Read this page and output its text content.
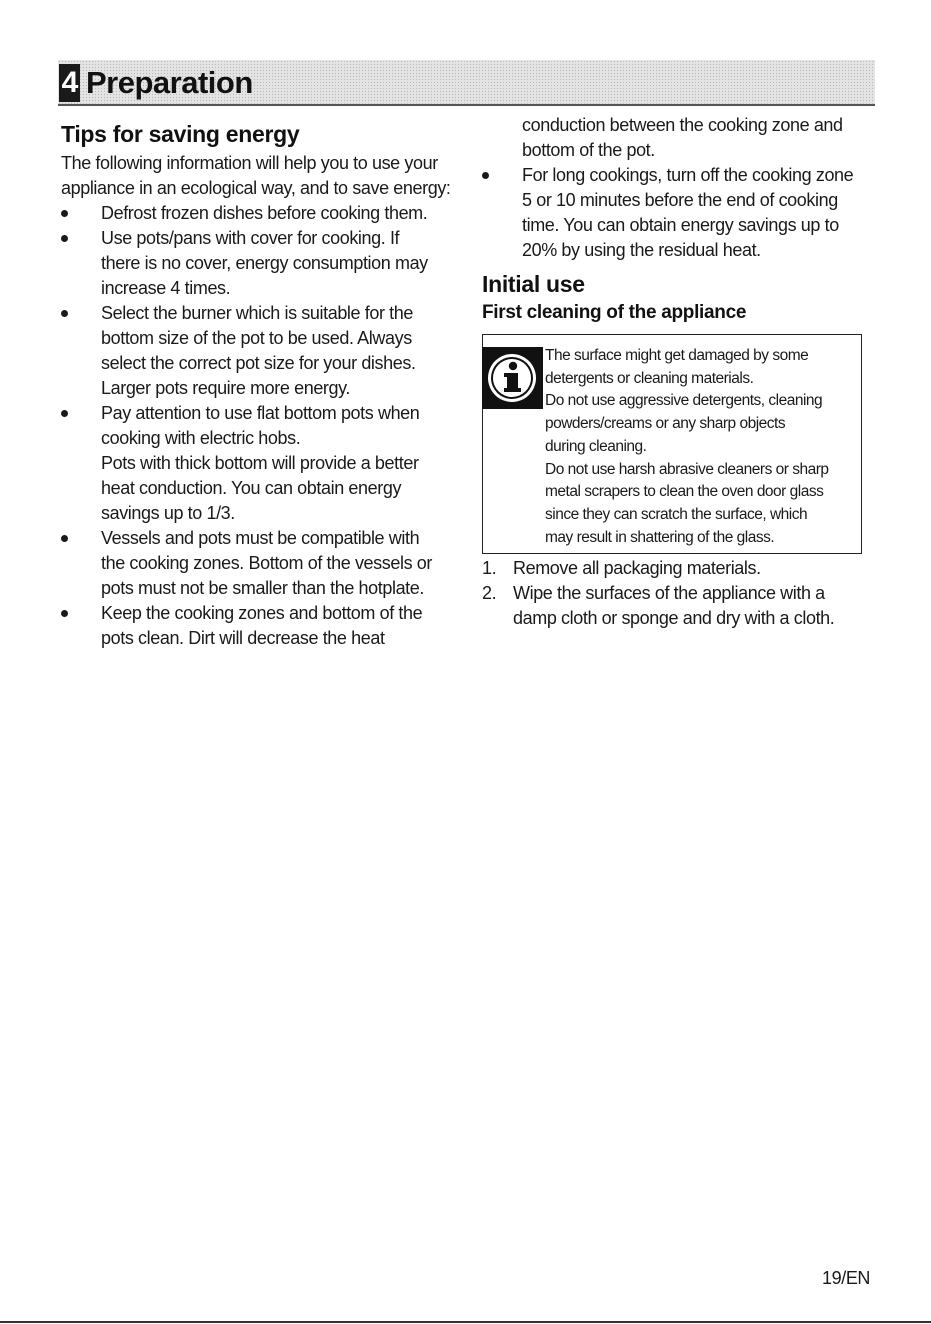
4 Preparation
Tips for saving energy

The following information will help you to use your appliance in an ecological way, and to save energy:

Defrost frozen dishes before cooking them.
Use pots/pans with cover for cooking. If
there is no cover, energy consumption may
increase 4 times.
Select the burner which is suitable for the
bottom size of the pot to be used. Always
select the correct pot size for your dishes.
Larger pots require more energy.
Pay attention to use flat bottom pots when
cooking with electric hobs.
Pots with thick bottom will provide a better
heat conduction. You can obtain energy
savings up to 1/3.
Vessels and pots must be compatible with
the cooking zones. Bottom of the vessels or
pots must not be smaller than the hotplate.
Keep the cooking zones and bottom of the
pots clean. Dirt will decrease the heat
conduction between the cooking zone and
bottom of the pot.
For long cookings, turn off the cooking zone
5 or 10 minutes before the end of cooking
time. You can obtain energy savings up to
20% by using the residual heat.
Initial use
First cleaning of the appliance
The surface might get damaged by some
detergents or cleaning materials.
Do not use aggressive detergents, cleaning
powders/creams or any sharp objects
during cleaning.
Do not use harsh abrasive cleaners or sharp
metal scrapers to clean the oven door glass
since they can scratch the surface, which
may result in shattering of the glass.
1. Remove all packaging materials.
2. Wipe the surfaces of the appliance with a
damp cloth or sponge and dry with a cloth.
19/EN
